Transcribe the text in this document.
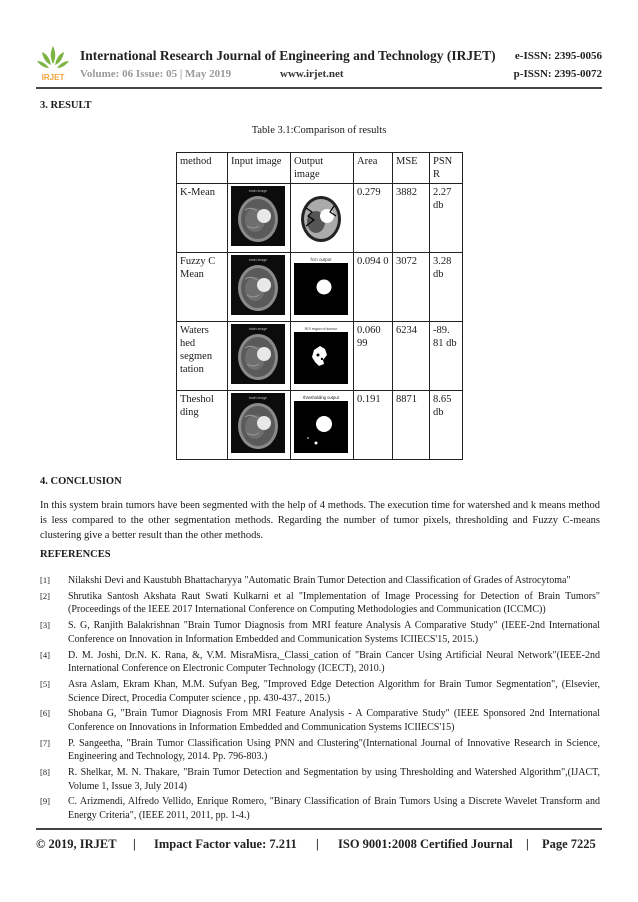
IRJET
International Research Journal of Engineering and Technology (IRJET) e-ISSN: 2395-0056
Volume: 06 Issue: 05 | May 2019	www.irjet.net	p-ISSN: 2395-0072
3. RESULT
Table 3.1:Comparison of results
method	Input image	Output image	Area	MSE	PSN R
K-Mean	brain image		0.279	3882	2.27 db
Fuzzy C Mean	brain image	fcm output	0.094 0	3072	3.28 db
Waters hed segmen tation	brain image	ROI region of tumour	0.060 99	6234	-89. 81 db
Theshol ding	brain image	thresholding output	0.191	8871	8.65 db
4. CONCLUSION

In this system brain tumors have been segmented with the help of 4 methods. The execution time for watershed and k means method is less compared to the other segmentation methods. Regarding the number of tumor pixels, thresholding and Fuzzy C-means clustering give a better result than the other methods.

REFERENCES
[1] Nilakshi Devi and Kaustubh Bhattacharyya "Automatic Brain Tumor Detection and Classification of Grades of Astrocytoma"
[2] Shrutika Santosh Akshata Raut Swati Kulkarni et al "Implementation of Image Processing for Detection of Brain Tumors"(Proceedings of the IEEE 2017 International Conference on Computing Methodologies and Communication (ICCMC))
[3] S. G, Ranjith Balakrishnan "Brain Tumor Diagnosis from MRI feature Analysis A Comparative Study" (IEEE-2nd International Conference on Innovation in Information Embedded and Communication Systems ICIIECS'15, 2015.)
[4] D. M. Joshi, Dr.N. K. Rana, &, V.M. MisraMisra,_Classi_cation of "Brain Cancer Using Artificial Neural Network"(IEEE-2nd International Conference on Electronic Computer Technology (ICECT), 2010.)
[5] Asra Aslam, Ekram Khan, M.M. Sufyan Beg, "Improved Edge Detection Algorithm for Brain Tumor Segmentation", (Elsevier, Science Direct, Procedia Computer science , pp. 430-437., 2015.)
[6] Shobana G, "Brain Tumor Diagnosis From MRI Feature Analysis - A Comparative Study" (IEEE Sponsored 2nd International Conference on Innovations in Information Embedded and Communication Systems ICIIECS'15)
[7] P. Sangeetha, "Brain Tumor Classification Using PNN and Clustering"(International Journal of Innovative Research in Science, Engineering and Technology, 2014. Pp. 796-803.)
[8] R. Shelkar, M. N. Thakare, "Brain Tumor Detection and Segmentation by using Thresholding and Watershed Algorithm",(IJACT, Volume 1, Issue 3, July 2014)
[9] C. Arizmendi, Alfredo Vellido, Enrique Romero, "Binary Classification of Brain Tumors Using a Discrete Wavelet Transform and Energy Criteria", (IEEE 2011, 2011, pp. 1-4.)
© 2019, IRJET | Impact Factor value: 7.211 | ISO 9001:2008 Certified Journal | Page 7225
